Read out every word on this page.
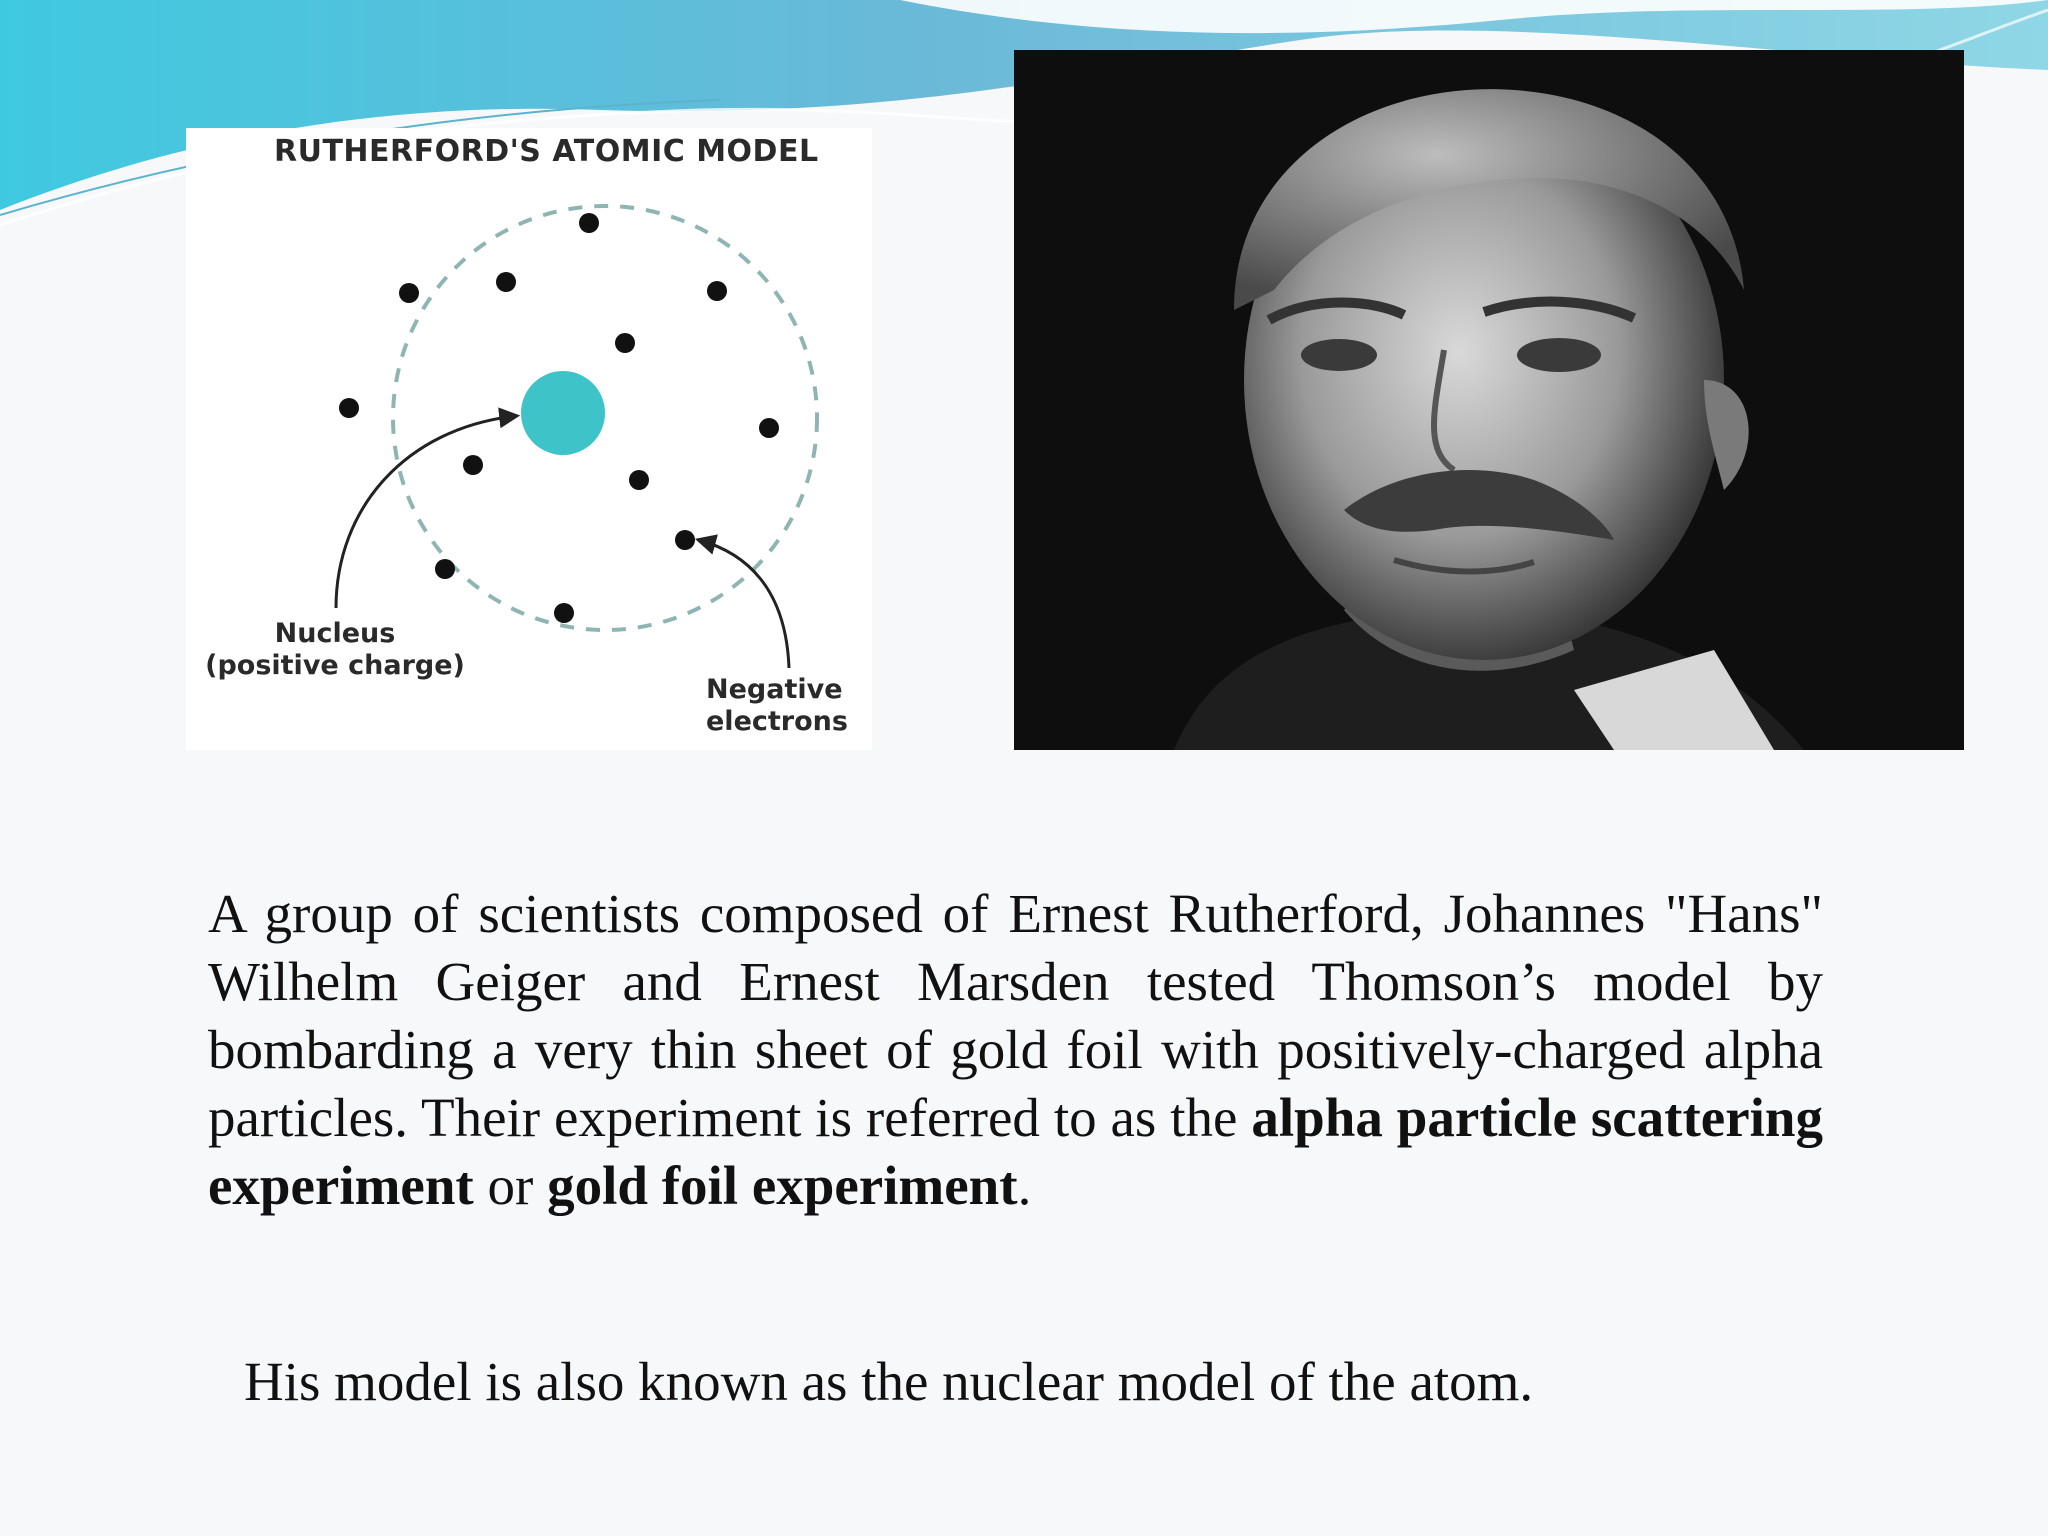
RUTHERFORD'S ATOMIC MODEL
Nucleus
(positive charge)
Negative
electrons
A group of scientists composed of Ernest Rutherford, Johannes "Hans" Wilhelm Geiger and Ernest Marsden tested Thomson’s model by bombarding a very thin sheet of gold foil with positively-charged alpha particles. Their experiment is referred to as the alpha particle scattering experiment or gold foil experiment.
His model is also known as the nuclear model of the atom.
